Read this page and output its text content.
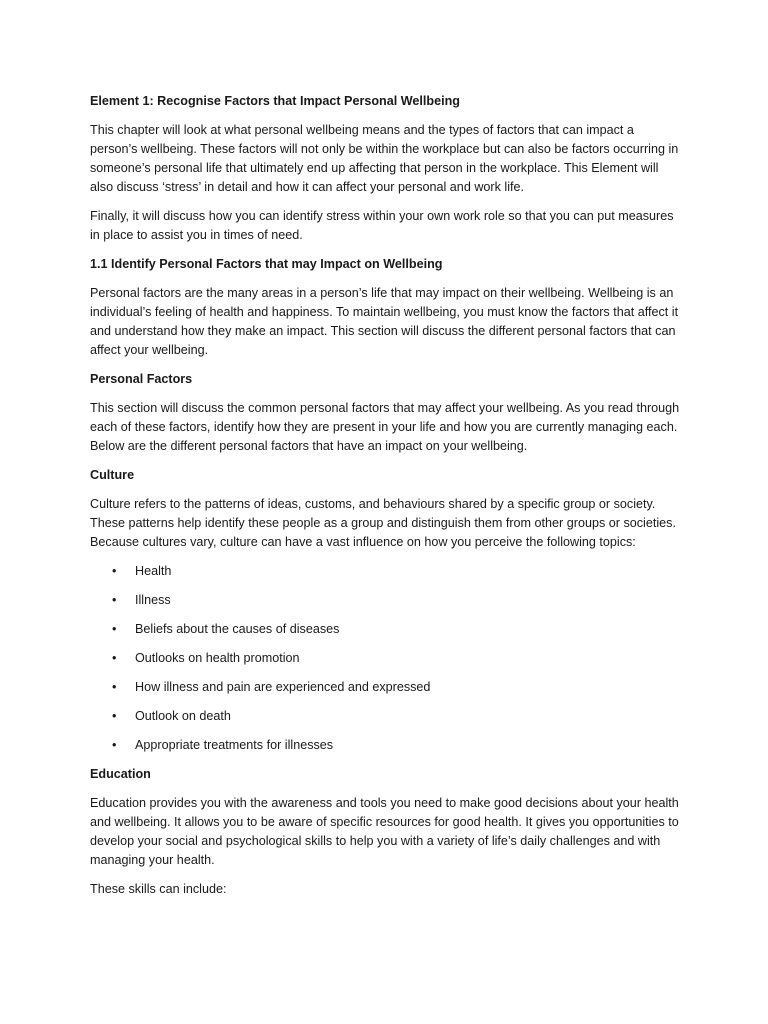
Element 1: Recognise Factors that Impact Personal Wellbeing

This chapter will look at what personal wellbeing means and the types of factors that can impact a person’s wellbeing. These factors will not only be within the workplace but can also be factors occurring in someone’s personal life that ultimately end up affecting that person in the workplace. This Element will also discuss ‘stress’ in detail and how it can affect your personal and work life.

Finally, it will discuss how you can identify stress within your own work role so that you can put measures in place to assist you in times of need.

1.1 Identify Personal Factors that may Impact on Wellbeing

Personal factors are the many areas in a person’s life that may impact on their wellbeing. Wellbeing is an individual’s feeling of health and happiness. To maintain wellbeing, you must know the factors that affect it and understand how they make an impact. This section will discuss the different personal factors that can affect your wellbeing.

Personal Factors

This section will discuss the common personal factors that may affect your wellbeing. As you read through each of these factors, identify how they are present in your life and how you are currently managing each. Below are the different personal factors that have an impact on your wellbeing.

Culture

Culture refers to the patterns of ideas, customs, and behaviours shared by a specific group or society. These patterns help identify these people as a group and distinguish them from other groups or societies. Because cultures vary, culture can have a vast influence on how you perceive the following topics:

• Health
• Illness
• Beliefs about the causes of diseases
• Outlooks on health promotion
• How illness and pain are experienced and expressed
• Outlook on death
• Appropriate treatments for illnesses

Education

Education provides you with the awareness and tools you need to make good decisions about your health and wellbeing. It allows you to be aware of specific resources for good health. It gives you opportunities to develop your social and psychological skills to help you with a variety of life’s daily challenges and with managing your health.

These skills can include:
